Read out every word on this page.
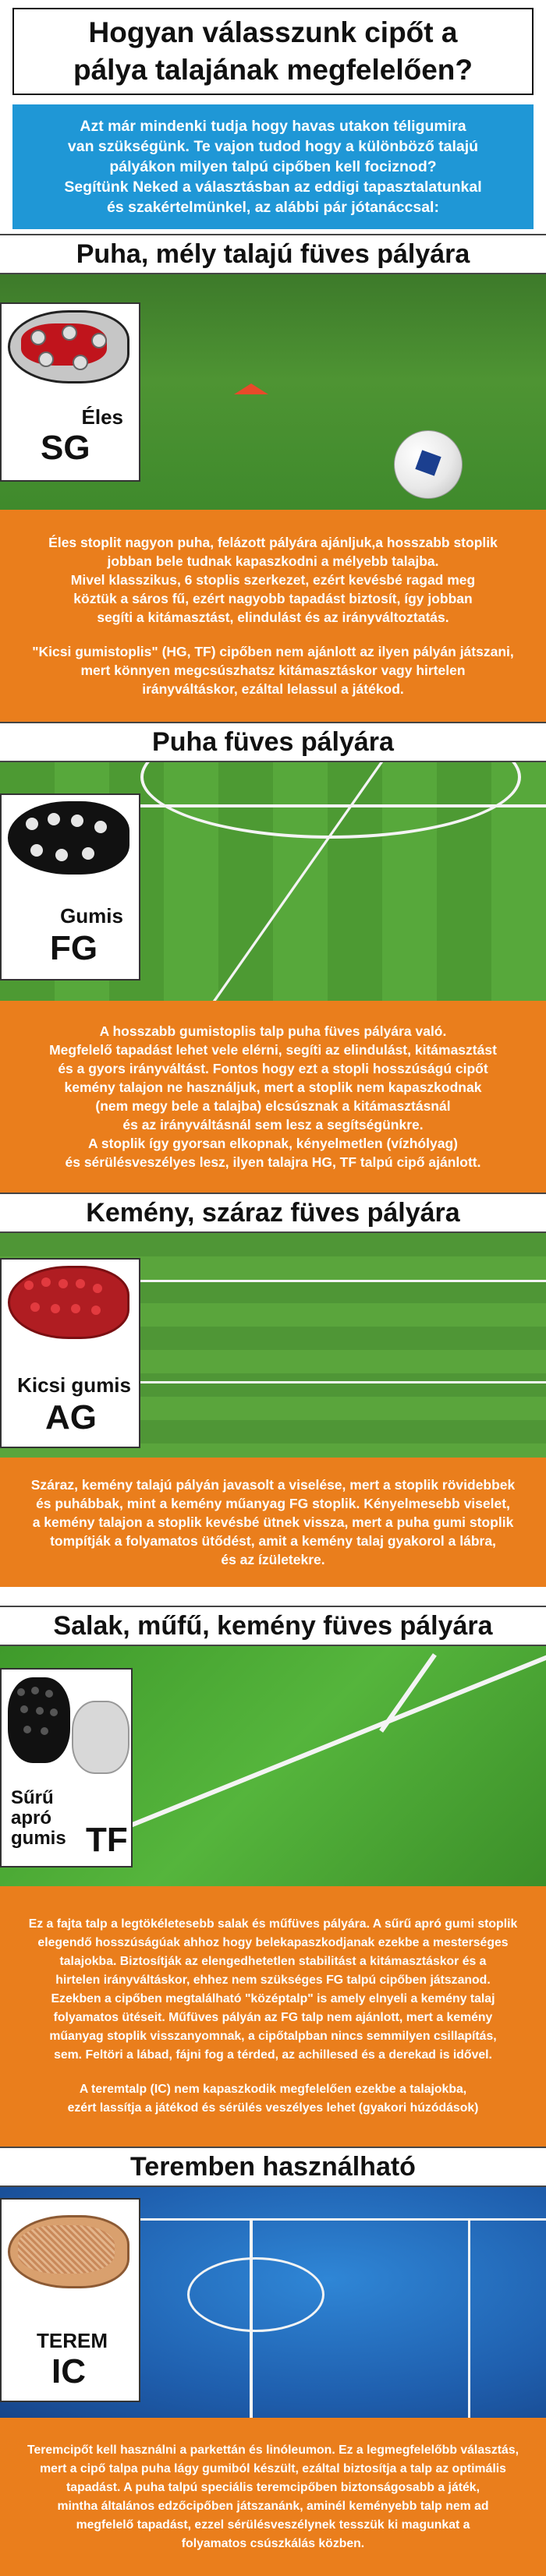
Hogyan válasszunk cipőt a
pálya talajának megfelelően?
Azt már mindenki tudja hogy havas utakon téligumira
van szükségünk. Te vajon tudod hogy a különböző talajú
pályákon milyen talpú cipőben kell fociznod?
Segítünk Neked a választásban az eddigi tapasztalatunkal
és szakértelmünkel, az alábbi pár jótanáccsal:
Puha, mély talajú füves pályára
Éles
SG
Éles stoplit nagyon puha, felázott pályára ajánljuk,a hosszabb stoplik
jobban bele tudnak kapaszkodni a mélyebb talajba.
Mivel klasszikus, 6 stoplis szerkezet, ezért kevésbé ragad meg
köztük a sáros fű, ezért nagyobb tapadást biztosít, így jobban
segíti a kitámasztást, elindulást és az irányváltoztatás.
"Kicsi gumistoplis" (HG, TF) cipőben nem ajánlott az ilyen pályán játszani,
mert könnyen megcsúszhatsz kitámasztáskor vagy hirtelen
irányváltáskor, ezáltal lelassul a játékod.
Puha füves pályára
Gumis
FG
A hosszabb gumistoplis talp puha füves pályára való.
Megfelelő tapadást lehet vele elérni, segíti az elindulást, kitámasztást
és a gyors irányváltást. Fontos hogy ezt a stopli hosszúságú cipőt
kemény talajon ne használjuk, mert a stoplik nem kapaszkodnak
(nem megy bele a talajba) elcsúsznak a kitámasztásnál
és az irányváltásnál sem lesz a segítségünkre.
A stoplik így gyorsan elkopnak, kényelmetlen (vízhólyag)
és sérülésveszélyes lesz, ilyen talajra HG, TF talpú cipő ajánlott.
Kemény, száraz füves pályára
Kicsi gumis
AG
Száraz, kemény talajú pályán javasolt a viselése, mert a stoplik rövidebbek
és puhábbak, mint a kemény műanyag FG stoplik. Kényelmesebb viselet,
a kemény talajon a stoplik kevésbé ütnek vissza, mert a puha gumi stoplik
tompítják a folyamatos ütődést, amit a kemény talaj gyakorol a lábra,
és az ízületekre.
Salak, műfű, kemény füves pályára
Sűrű
apró
gumis TF
Ez a fajta talp a legtökéletesebb salak és műfüves pályára. A sűrű apró gumi stoplik
elegendő hosszúságúak ahhoz hogy belekapaszkodjanak ezekbe a mesterséges
talajokba. Biztosítják az elengedhetetlen stabilitást a kitámasztáskor és a
hirtelen irányváltáskor, ehhez nem szükséges FG talpú cipőben játszanod.
Ezekben a cipőben megtalálható "középtalp" is amely elnyeli a kemény talaj
folyamatos ütéseit. Műfüves pályán az FG talp nem ajánlott, mert a kemény
műanyag stoplik visszanyomnak, a cipőtalpban nincs semmilyen csillapítás,
sem. Feltöri a lábad, fájni fog a térded, az achillesed és a derekad is idővel.
A teremtalp (IC) nem kapaszkodik megfelelően ezekbe a talajokba,
ezért lassítja a játékod és sérülés veszélyes lehet (gyakori húzódások)
Teremben használható
TEREM
IC
Teremcipőt kell használni a parkettán és linóleumon. Ez a legmegfelelőbb választás,
mert a cipő talpa puha lágy gumiból készült, ezáltal biztosítja a talp az optimális
tapadást. A puha talpú speciális teremcipőben biztonságosabb a játék,
mintha általános edzőcipőben játszanánk, aminél keményebb talp nem ad
megfelelő tapadást, ezzel sérülésveszélynek tesszük ki magunkat a
folyamatos csúszkálás közben.
